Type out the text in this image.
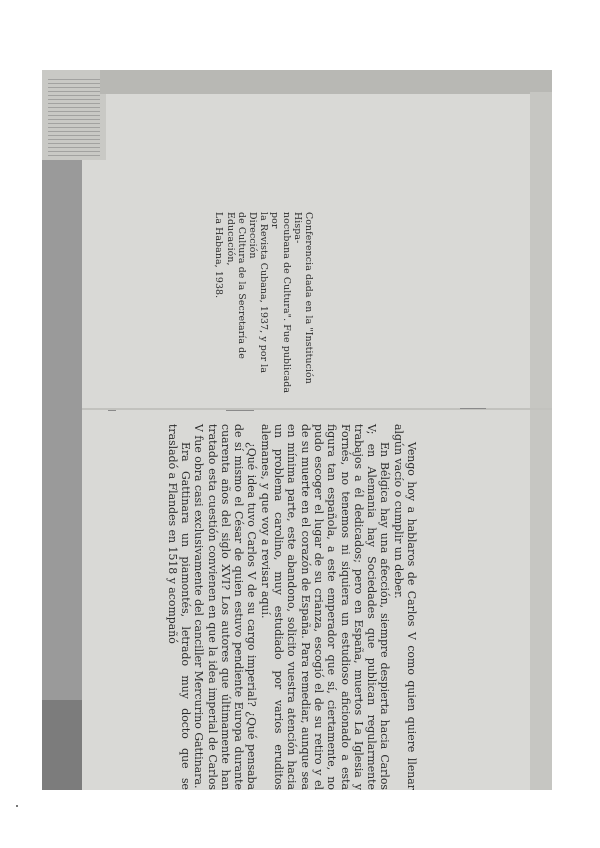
Conferencia dada en la "Institución Hispa-
nocubana de Cultura". Fue publicada por
la Revista Cubana, 1937, y por la Dirección
de Cultura de la Secretaría de Educación,
La Habana, 1938.

Vengo hoy a hablaros de Carlos V como quien quiere llenar algún vacío o cumplir un deber.

En Bélgica hay una afección, siempre despierta hacia Carlos V; en Alemania hay Sociedades que publican regularmente trabajos a él dedicados; pero en España, muertos La Iglesia y Fornés, no tenemos ni siquiera un estudioso aficionado a esta figura tan española, a este emperador que sí, ciertamente, no pudo escoger el lugar de su crianza, escogió el de su retiro y el de su muerte en el corazón de España. Para remediar, aunque sea en mínima parte, este abandono, solicito vuestra atención hacia un problema carolino, muy estudiado por varios eruditos alemanes, y que voy a revisar aquí.

¿Qué idea tuvo Carlos V de su cargo imperial? ¿Qué pensaba de sí mismo el César de quien estuvo pendiente Europa durante cuarenta años del siglo XVI? Los autores que últimamente han tratado esta cuestión convienen en que la idea imperial de Carlos V fue obra casi exclusivamente del canciller Mercurino Gattinara.

Era Gattinara un piamontés, letrado muy docto que se trasladó a Flandes en 1518 y acompañó
